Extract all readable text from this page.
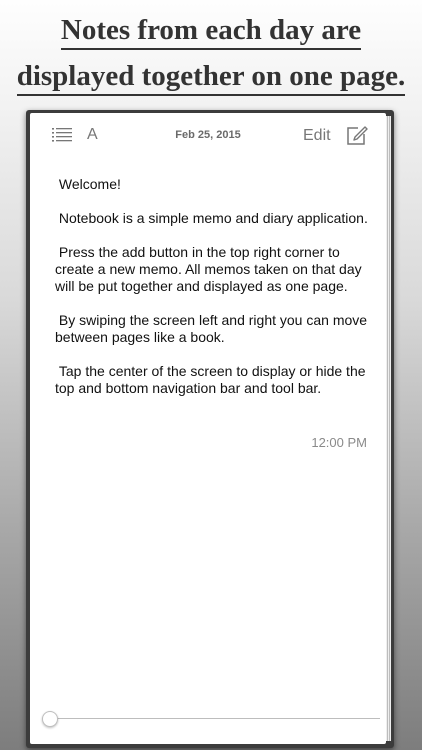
Notes from each day are
displayed together on one page.
A	Feb 25, 2015	Edit

Welcome!

Notebook is a simple memo and diary application.

Press the add button in the top right corner to create a new memo. All memos taken on that day will be put together and displayed as one page.

By swiping the screen left and right you can move between pages like a book.

Tap the center of the screen to display or hide the top and bottom navigation bar and tool bar.

12:00 PM
